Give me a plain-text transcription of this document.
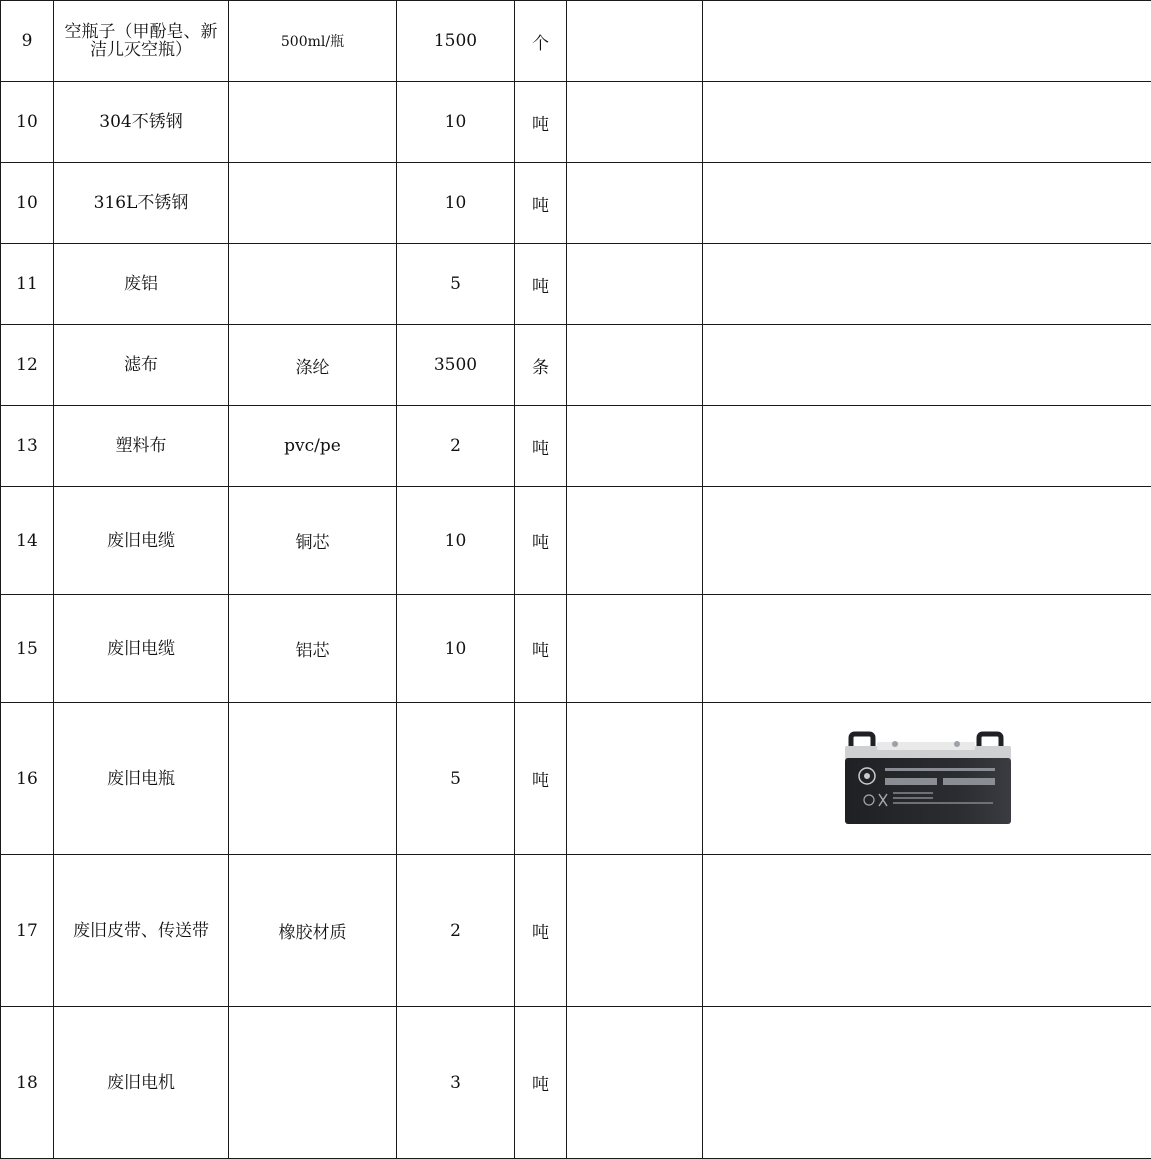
9	空瓶子（甲酚皂、新洁儿灭空瓶）	500ml/瓶	1500	个		
10	304不锈钢		10	吨		
10	316L不锈钢		10	吨		
11	废铝		5	吨		
12	滤布	涤纶	3500	条		
13	塑料布	pvc/pe	2	吨		
14	废旧电缆	铜芯	10	吨		
15	废旧电缆	铝芯	10	吨		
16	废旧电瓶		5	吨		

17	废旧皮带、传送带	橡胶材质	2	吨		
18	废旧电机		3	吨		
